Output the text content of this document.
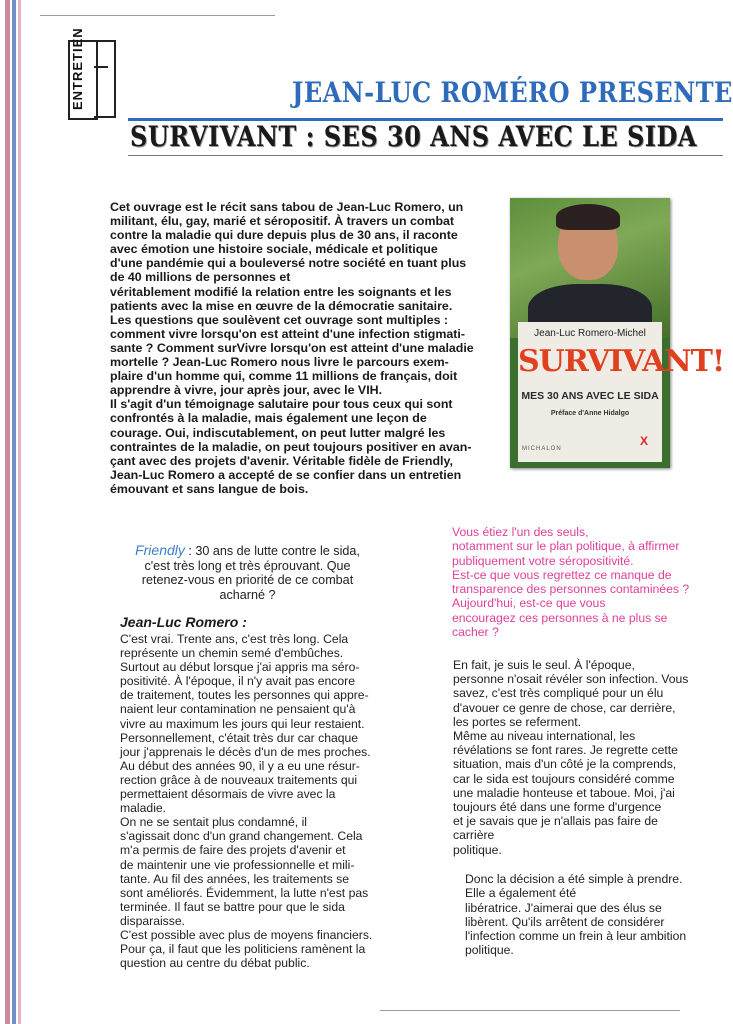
ENTRETIEN	JEAN-LUC ROMÉRO PRESENTE
SURVIVANT : SES 30 ANS AVEC LE SIDA

Cet ouvrage est le récit sans tabou de Jean-Luc Romero, un
militant, élu, gay, marié et séropositif. À travers un combat
contre la maladie qui dure depuis plus de 30 ans, il raconte
avec émotion une histoire sociale, médicale et politique
d'une pandémie qui a bouleversé notre société en tuant plus
de 40 millions de personnes et
véritablement modifié la relation entre les soignants et les
patients avec la mise en œuvre de la démocratie sanitaire.
Les questions que soulèvent cet ouvrage sont multiples :
comment vivre lorsqu'on est atteint d'une infection stigmati-
sante ? Comment surVivre lorsqu'on est atteint d'une maladie
mortelle ? Jean-Luc Romero nous livre le parcours exem-
plaire d'un homme qui, comme 11 millions de français, doit
apprendre à vivre, jour après jour, avec le VIH.
Il s'agit d'un témoignage salutaire pour tous ceux qui sont
confrontés à la maladie, mais également une leçon de
courage. Oui, indiscutablement, on peut lutter malgré les
contraintes de la maladie, on peut toujours positiver en avan-
çant avec des projets d'avenir. Véritable fidèle de Friendly,
Jean-Luc Romero a accepté de se confier dans un entretien
émouvant et sans langue de bois.

Jean-Luc Romero-Michel
SURVIVANT!
MES 30 ANS AVEC LE SIDA
Préface d'Anne Hidalgo
X
MICHALON

Friendly : 30 ans de lutte contre le sida,
c'est très long et très éprouvant. Que
retenez-vous en priorité de ce combat
acharné ?

Jean-Luc Romero :

C'est vrai. Trente ans, c'est très long. Cela
représente un chemin semé d'embûches.
Surtout au début lorsque j'ai appris ma séro-
positivité. À l'époque, il n'y avait pas encore
de traitement, toutes les personnes qui appre-
naient leur contamination ne pensaient qu'à
vivre au maximum les jours qui leur restaient.
Personnellement, c'était très dur car chaque
jour j'apprenais le décès d'un de mes proches.
Au début des années 90, il y a eu une résur-
rection grâce à de nouveaux traitements qui
permettaient désormais de vivre avec la
maladie.
On ne se sentait plus condamné, il
s'agissait donc d'un grand changement. Cela
m'a permis de faire des projets d'avenir et
de maintenir une vie professionnelle et mili-
tante. Au fil des années, les traitements se
sont améliorés. Évidemment, la lutte n'est pas
terminée. Il faut se battre pour que le sida
disparaisse.
C'est possible avec plus de moyens financiers.
Pour ça, il faut que les politiciens ramènent la
question au centre du débat public.

Vous étiez l'un des seuls,
notamment sur le plan politique, à affirmer
publiquement votre séropositivité.
Est-ce que vous regrettez ce manque de
transparence des personnes contaminées ?
Aujourd'hui, est-ce que vous
encouragez ces personnes à ne plus se
cacher ?

En fait, je suis le seul. À l'époque,
personne n'osait révéler son infection. Vous
savez, c'est très compliqué pour un élu
d'avouer ce genre de chose, car derrière,
les portes se referment.
Même au niveau international, les
révélations se font rares. Je regrette cette
situation, mais d'un côté je la comprends,
car le sida est toujours considéré comme
une maladie honteuse et taboue. Moi, j'ai
toujours été dans une forme d'urgence
et je savais que je n'allais pas faire de
carrière
politique.

Donc la décision a été simple à prendre.
Elle a également été
libératrice. J'aimerai que des élus se
libèrent. Qu'ils arrêtent de considérer
l'infection comme un frein à leur ambition
politique.
